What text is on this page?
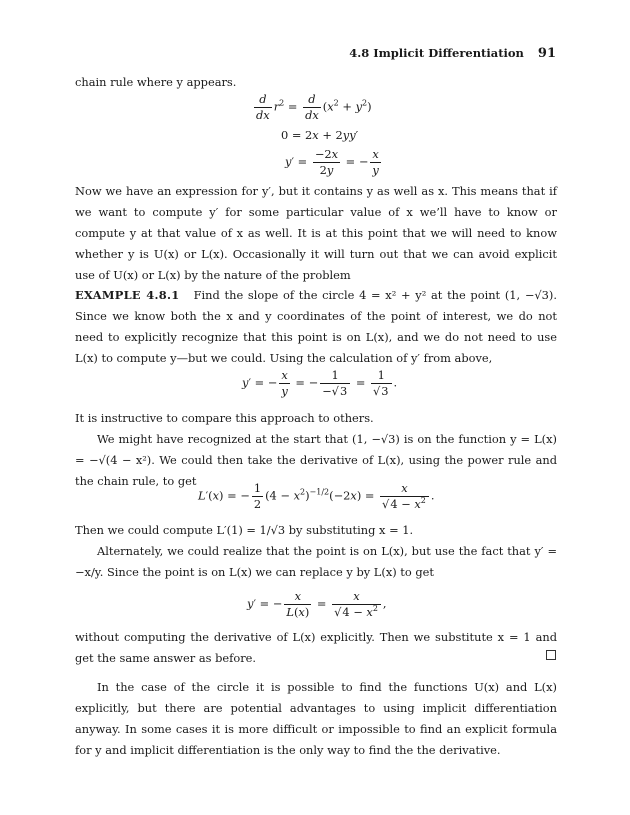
4.8 Implicit Differentiation 91

chain rule where y appears.

$\frac{d}{dx} r^2 = \frac{d}{dx} (x^2 + y^2)$
0 = 2x + 2yy′
$y' = \frac{-2x}{2y}$ = − $\frac{x}{y}$

Now we have an expression for y′, but it contains y as well as x. This means that if we want to compute y′ for some particular value of x we’ll have to know or compute y at that value of x as well. It is at this point that we will need to know whether y is U(x) or L(x). Occasionally it will turn out that we can avoid explicit use of U(x) or L(x) by the nature of the problem

EXAMPLE 4.8.1 Find the slope of the circle 4 = x² + y² at the point (1, −√3). Since we know both the x and y coordinates of the point of interest, we do not need to explicitly recognize that this point is on L(x), and we do not need to use L(x) to compute y—but we could. Using the calculation of y′ from above,

y′ = − $\frac{x}{y}$ = − $\frac{1}{-√3} = \frac{1}{√3}$ .

It is instructive to compare this approach to others.

We might have recognized at the start that (1, −√3) is on the function y = L(x) = −√(4 − x²). We could then take the derivative of L(x), using the power rule and the chain rule, to get

L′(x) = − $\frac{1}{2} (4 - x^2)^{-1/2}(-2x) = \frac{x}{√4 - x^2}$ .

Then we could compute L′(1) = 1/√3 by substituting x = 1.

Alternately, we could realize that the point is on L(x), but use the fact that y′ = −x/y. Since the point is on L(x) we can replace y by L(x) to get

y′ = − $\frac{x}{L(x)} = \frac{x}{√4 - x^2}$ ,

without computing the derivative of L(x) explicitly. Then we substitute x = 1 and get the same answer as before.

In the case of the circle it is possible to find the functions U(x) and L(x) explicitly, but there are potential advantages to using implicit differentiation anyway. In some cases it is more difficult or impossible to find an explicit formula for y and implicit differentiation is the only way to find the the derivative.
